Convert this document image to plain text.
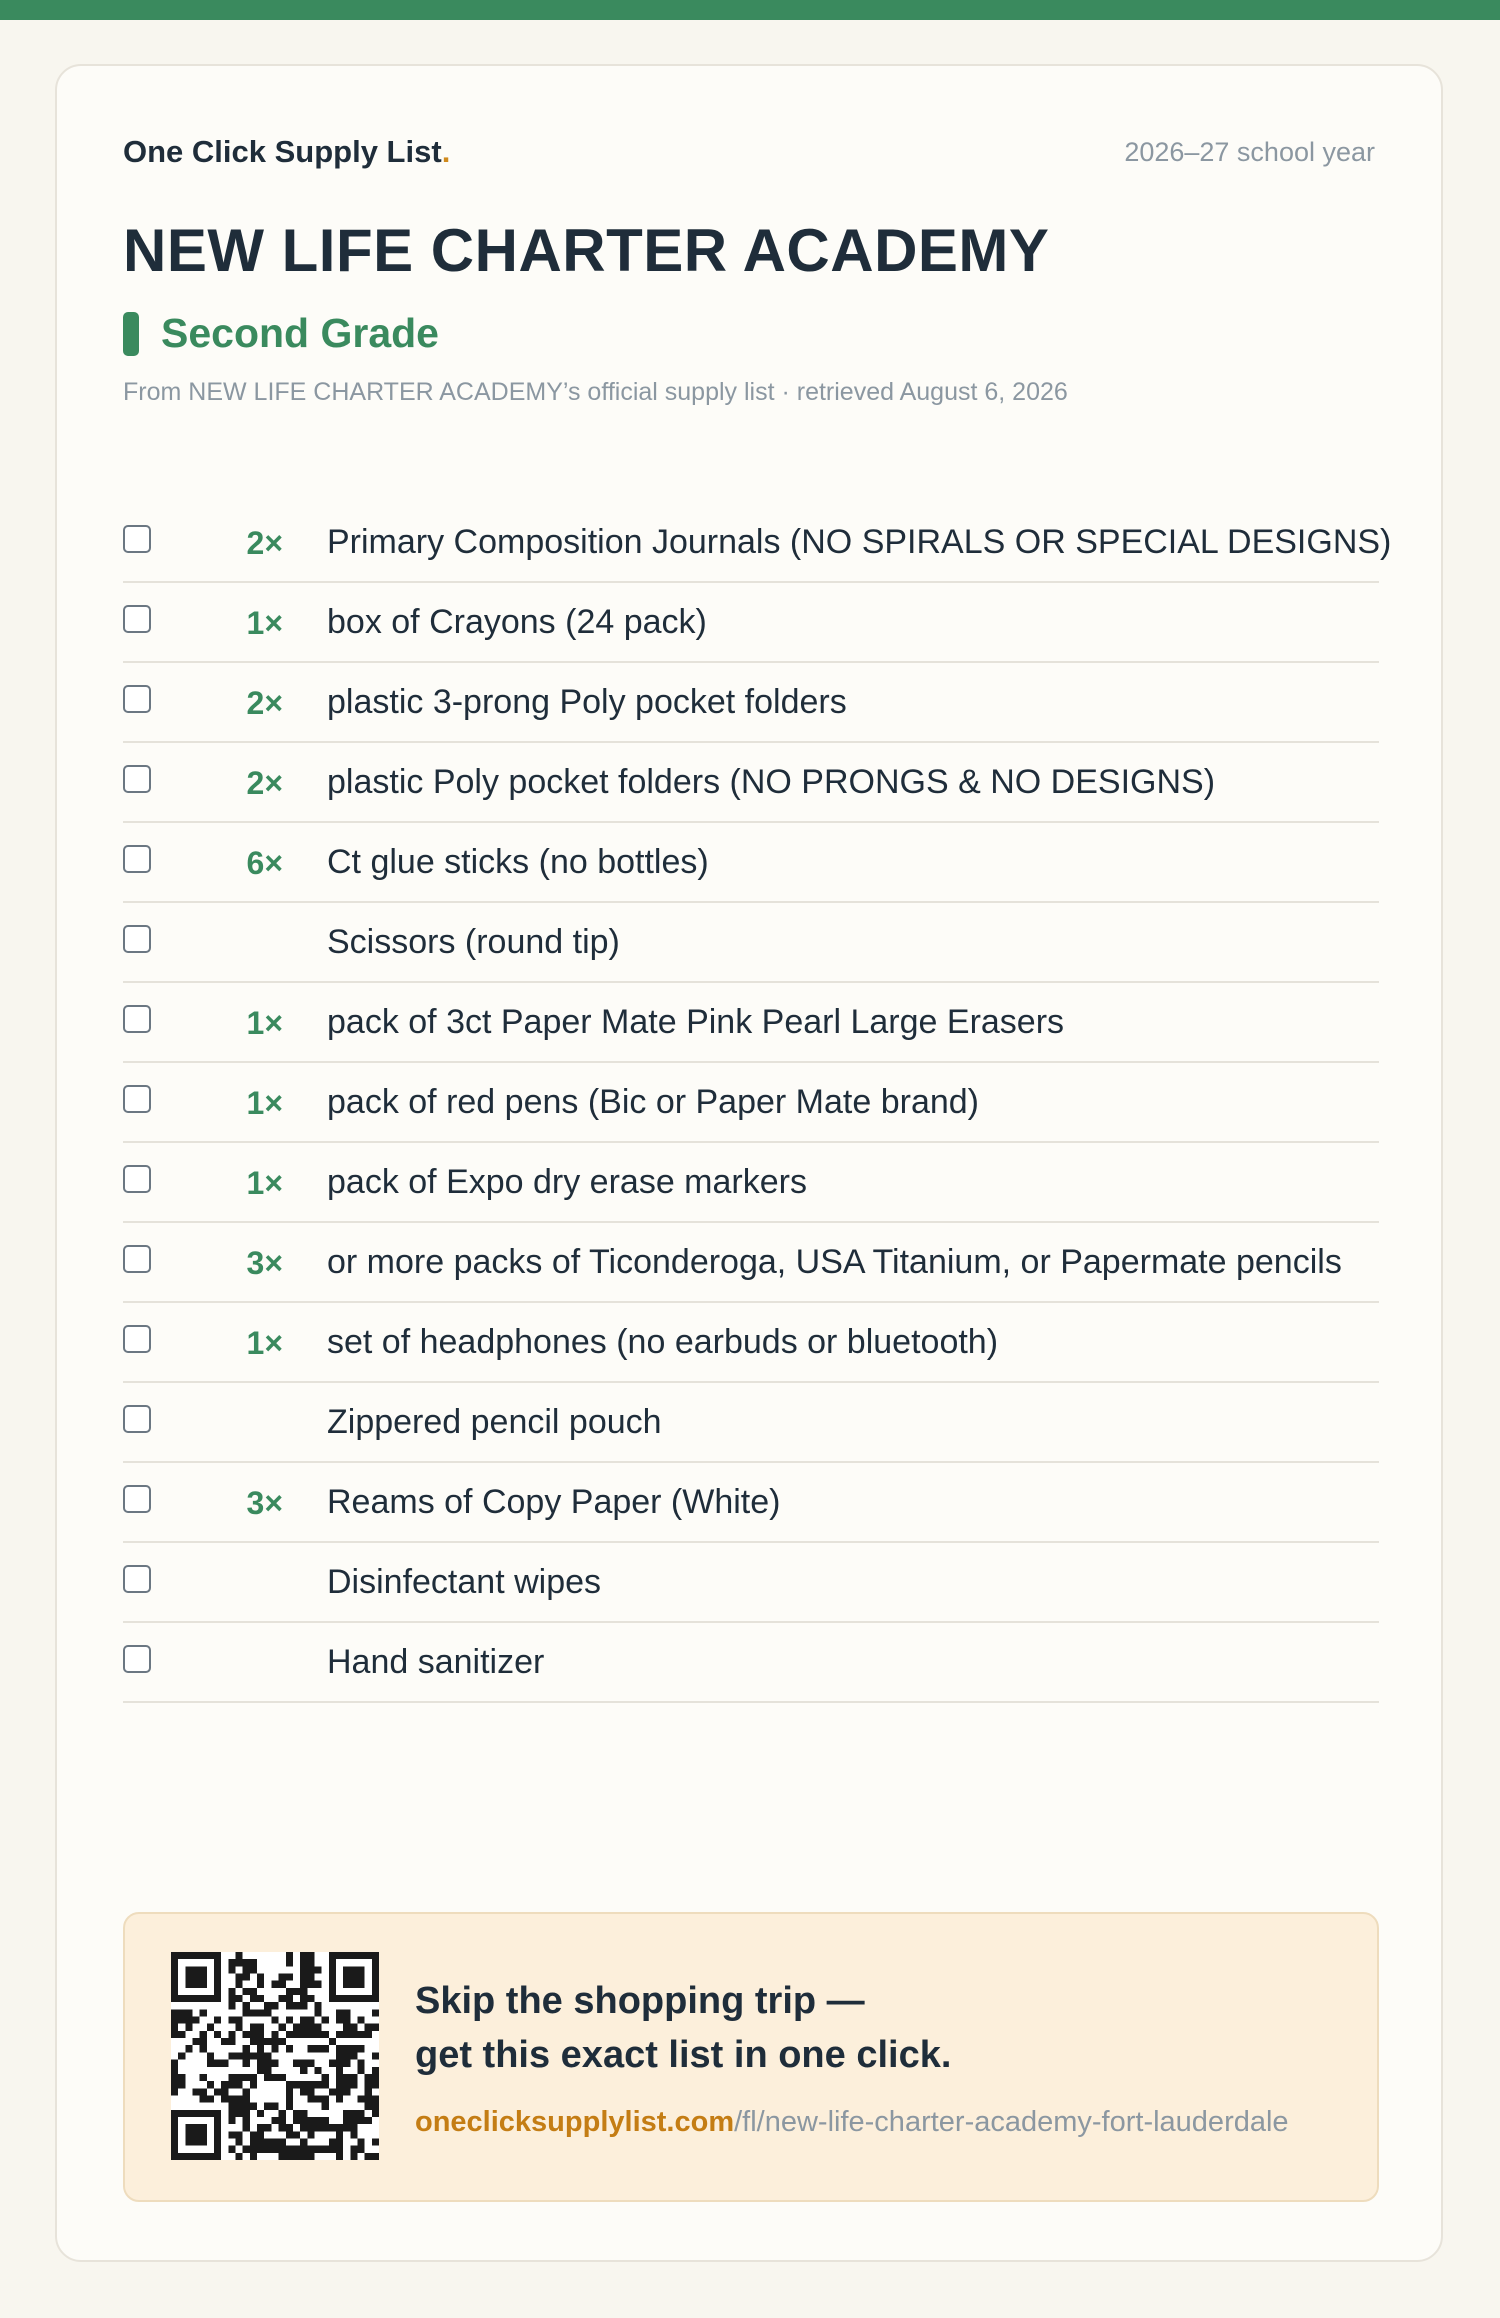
One Click Supply List.	2026–27 school year
NEW LIFE CHARTER ACADEMY
Second Grade
From NEW LIFE CHARTER ACADEMY’s official supply list · retrieved August 6, 2026
2× Primary Composition Journals (NO SPIRALS OR SPECIAL DESIGNS)
1× box of Crayons (24 pack)
2× plastic 3-prong Poly pocket folders
2× plastic Poly pocket folders (NO PRONGS & NO DESIGNS)
6× Ct glue sticks (no bottles)
Scissors (round tip)
1× pack of 3ct Paper Mate Pink Pearl Large Erasers
1× pack of red pens (Bic or Paper Mate brand)
1× pack of Expo dry erase markers
3× or more packs of Ticonderoga, USA Titanium, or Papermate pencils
1× set of headphones (no earbuds or bluetooth)
Zippered pencil pouch
3× Reams of Copy Paper (White)
Disinfectant wipes
Hand sanitizer
Skip the shopping trip —
get this exact list in one click.
oneclicksupplylist.com/fl/new-life-charter-academy-fort-lauderdale
